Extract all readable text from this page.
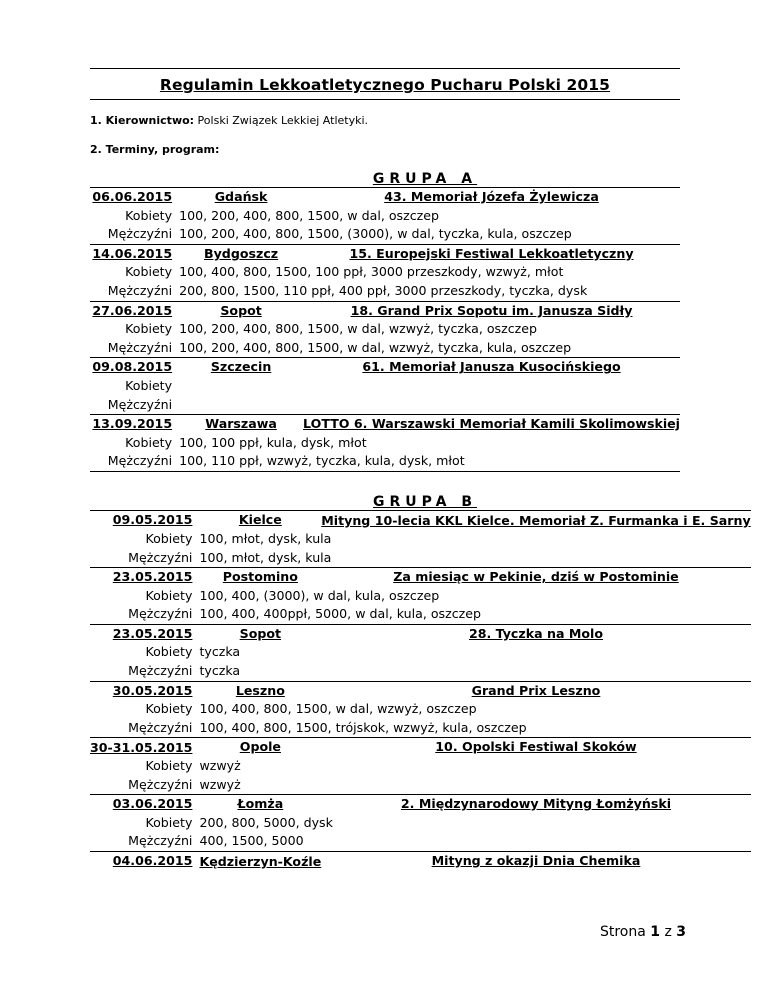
Regulamin Lekkoatletycznego Pucharu Polski 2015
1. Kierownictwo: Polski Związek Lekkiej Atletyki.
2. Terminy, program:
GRUPA A
06.06.2015	Gdańsk	43. Memoriał Józefa Żylewicza
Kobiety	100, 200, 400, 800, 1500, w dal, oszczep	
Mężczyźni	100, 200, 400, 800, 1500, (3000), w dal, tyczka, kula, oszczep	
14.06.2015	Bydgoszcz	15. Europejski Festiwal Lekkoatletyczny
Kobiety	100, 400, 800, 1500, 100 ppł, 3000 przeszkody, wzwyż, młot	
Mężczyźni	200, 800, 1500, 110 ppł, 400 ppł, 3000 przeszkody, tyczka, dysk	
27.06.2015	Sopot	18. Grand Prix Sopotu im. Janusza Sidły
Kobiety	100, 200, 400, 800, 1500, w dal, wzwyż, tyczka, oszczep	
Mężczyźni	100, 200, 400, 800, 1500, w dal, wzwyż, tyczka, kula, oszczep	
09.08.2015	Szczecin	61. Memoriał Janusza Kusocińskiego
Kobiety		
Mężczyźni		
13.09.2015	Warszawa	LOTTO 6. Warszawski Memoriał Kamili Skolimowskiej
Kobiety	100, 100 ppł, kula, dysk, młot	
Mężczyźni	100, 110 ppł, wzwyż, tyczka, kula, dysk, młot	
GRUPA B
09.05.2015	Kielce	Mityng 10-lecia KKL Kielce. Memoriał Z. Furmanka i E. Sarny
Kobiety	100, młot, dysk, kula	
Mężczyźni	100, młot, dysk, kula	
23.05.2015	Postomino	Za miesiąc w Pekinie, dziś w Postominie
Kobiety	100, 400, (3000), w dal, kula, oszczep	
Mężczyźni	100, 400, 400ppł, 5000, w dal, kula, oszczep	
23.05.2015	Sopot	28. Tyczka na Molo
Kobiety	tyczka	
Mężczyźni	tyczka	
30.05.2015	Leszno	Grand Prix Leszno
Kobiety	100, 400, 800, 1500, w dal, wzwyż, oszczep	
Mężczyźni	100, 400, 800, 1500, trójskok, wzwyż, kula, oszczep	
30-31.05.2015	Opole	10. Opolski Festiwal Skoków
Kobiety	wzwyż	
Mężczyźni	wzwyż	
03.06.2015	Łomża	2. Międzynarodowy Mityng Łomżyński
Kobiety	200, 800, 5000, dysk	
Mężczyźni	400, 1500, 5000	
04.06.2015	Kędzierzyn-Koźle	Mityng z okazji Dnia Chemika
Strona 1 z 3
